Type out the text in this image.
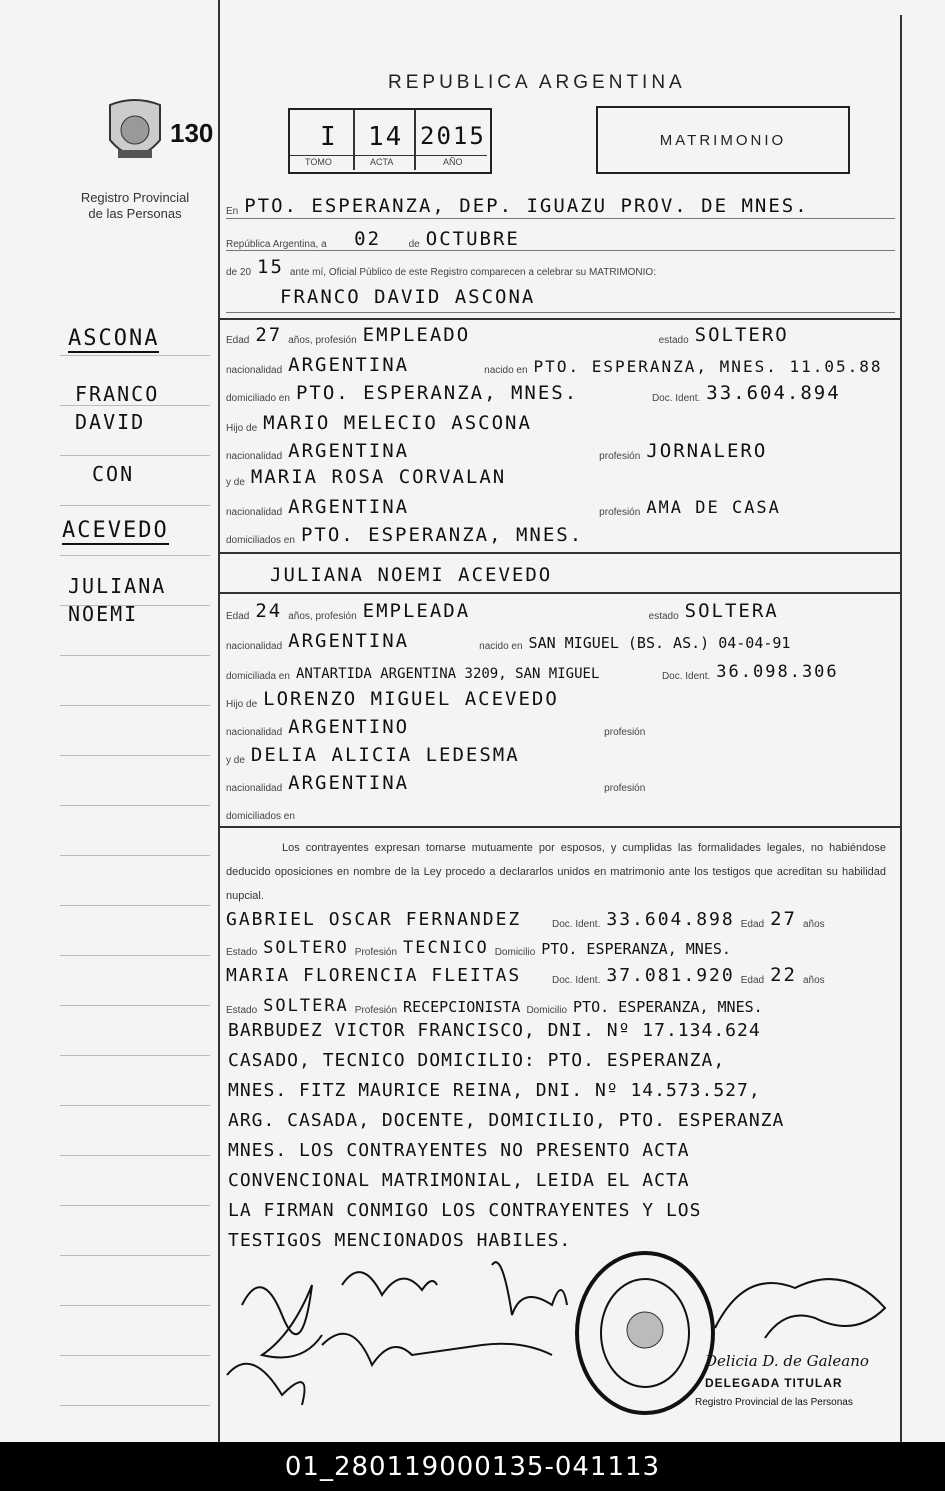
130
Registro Provincial de las Personas
REPUBLICA ARGENTINA
I 14 2015
TOMO	ACTA	AÑO
MATRIMONIO
ASCONA
FRANCO DAVID
CON
ACEVEDO
JULIANA NOEMI
En PTO. ESPERANZA, DEP. IGUAZU PROV. DE MNES.
República Argentina, a	02	de OCTUBRE
de 20 15 ante mí, Oficial Público de este Registro comparecen a celebrar su MATRIMONIO:
FRANCO DAVID ASCONA
Edad 27 años, profesión EMPLEADO	estado SOLTERO
nacionalidad ARGENTINA	nacido en PTO. ESPERANZA, MNES. 11.05.88
domiciliado en PTO. ESPERANZA, MNES.	Doc. Ident. 33.604.894
Hijo de MARIO MELECIO ASCONA
nacionalidad ARGENTINA	profesión JORNALERO
y de MARIA ROSA CORVALAN
nacionalidad ARGENTINA	profesión AMA DE CASA
domiciliados en PTO. ESPERANZA, MNES.
JULIANA NOEMI ACEVEDO
Edad 24 años, profesión EMPLEADA	estado SOLTERA
nacionalidad ARGENTINA	nacido en SAN MIGUEL (BS. AS.) 04-04-91
domiciliada en ANTARTIDA ARGENTINA 3209, SAN MIGUEL	Doc. Ident. 36.098.306
Hijo de LORENZO MIGUEL ACEVEDO
nacionalidad ARGENTINO	profesión
y de DELIA ALICIA LEDESMA
nacionalidad ARGENTINA	profesión
domiciliados en
Los contrayentes expresan tomarse mutuamente por esposos, y cumplidas las formalidades legales, no habiéndose deducido oposiciones en nombre de la Ley procedo a declararlos unidos en matrimonio ante los testigos que acreditan su habilidad nupcial.
GABRIEL OSCAR FERNANDEZ	Doc. Ident. 33.604.898 Edad 27 años
Estado SOLTERO Profesión TECNICO Domicilio PTO. ESPERANZA, MNES.
MARIA FLORENCIA FLEITAS	Doc. Ident. 37.081.920 Edad 22 años
Estado SOLTERA Profesión RECEPCIONISTA Domicilio PTO. ESPERANZA, MNES.
BARBUDEZ VICTOR FRANCISCO, DNI. Nº 17.134.624
CASADO, TECNICO DOMICILIO: PTO. ESPERANZA,
MNES. FITZ MAURICE REINA, DNI. Nº 14.573.527,
ARG. CASADA, DOCENTE, DOMICILIO, PTO. ESPERANZA
MNES. LOS CONTRAYENTES NO PRESENTO ACTA
CONVENCIONAL MATRIMONIAL, LEIDA EL ACTA
LA FIRMAN CONMIGO LOS CONTRAYENTES Y LOS
TESTIGOS MENCIONADOS HABILES.
Delicia D. de Galeano
DELEGADA TITULAR
Registro Provincial de las Personas
01_280119000135-041113
